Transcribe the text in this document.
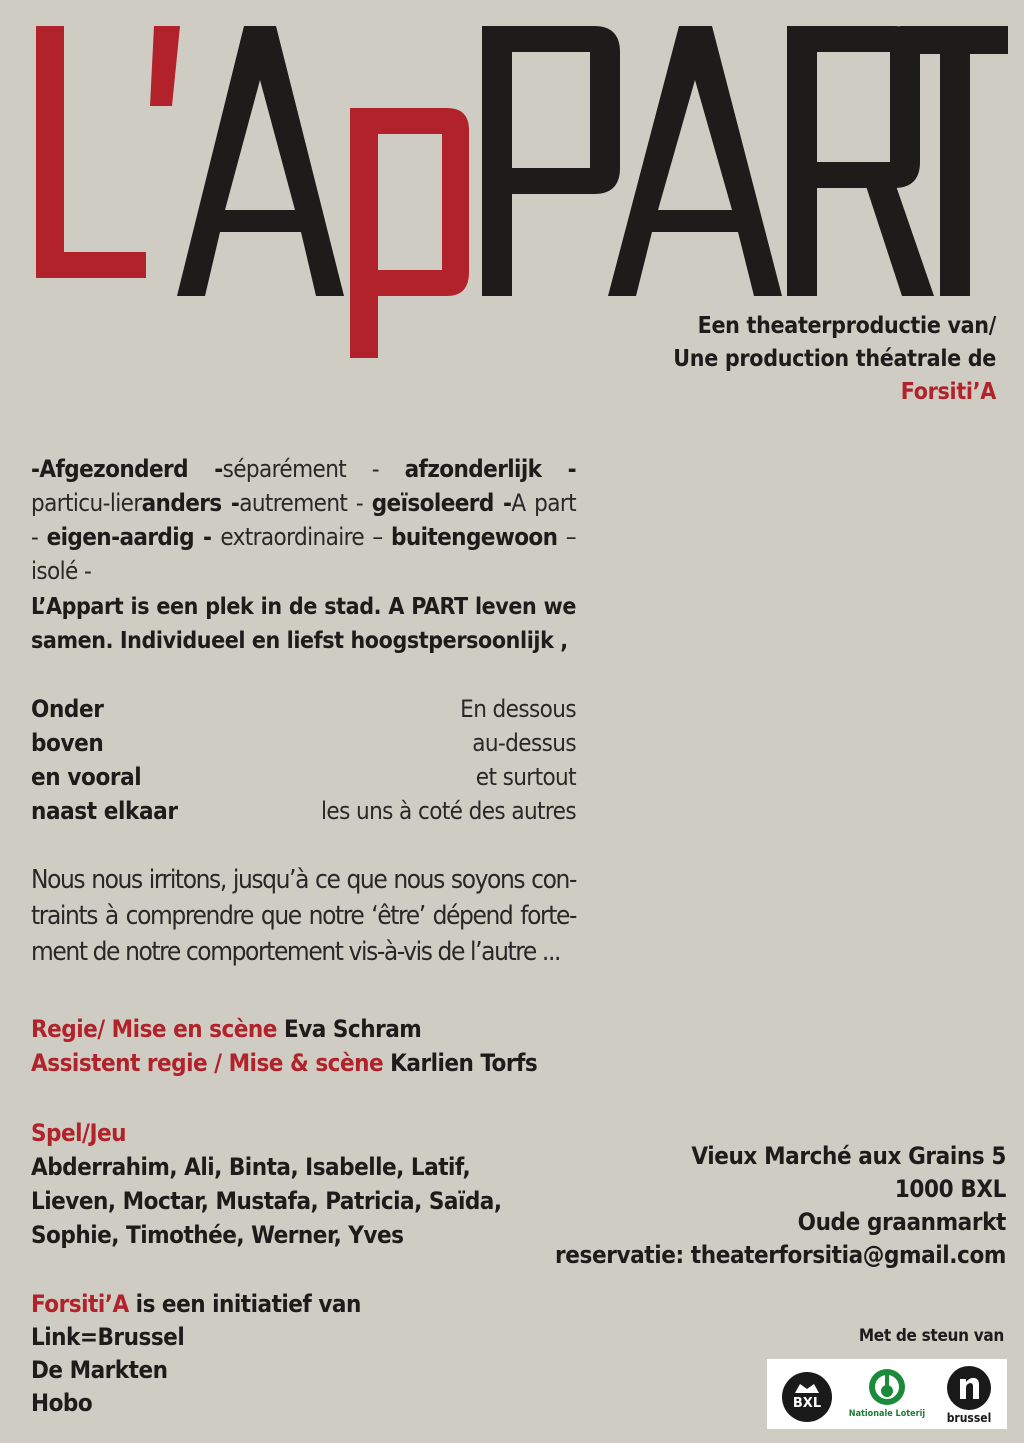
Een theaterproductie van/
Une production théatrale de
Forsiti’A
-Afgezonderd -séparément - afzonderlijk -particu-lieranders -autrement - geïsoleerd -A part - eigen-aardig - extraordinaire – buitengewoon – isolé -
L’Appart is een plek in de stad. A PART leven we samen. Individueel en liefst hoogstpersoonlijk ,
Onder	En dessous
boven	au-dessus
en vooral	et surtout
naast elkaar	les uns à coté des autres
Nous nous irritons, jusqu’à ce que nous soyons con-traints à comprendre que notre ‘être’ dépend forte-ment de notre comportement vis-à-vis de l’autre ...
Regie/ Mise en scène Eva Schram
Assistent regie / Mise & scène Karlien Torfs
Spel/Jeu
Abderrahim, Ali, Binta, Isabelle, Latif, Lieven, Moctar, Mustafa, Patricia, Saïda, Sophie, Timothée, Werner, Yves
Forsiti’A is een initiatief van
Link=Brussel
De Markten
Hobo
Vieux Marché aux Grains 5
1000 BXL
Oude graanmarkt
reservatie: theaterforsitia@gmail.com
Met de steun van
BXL
Nationale Loterij	brussel
